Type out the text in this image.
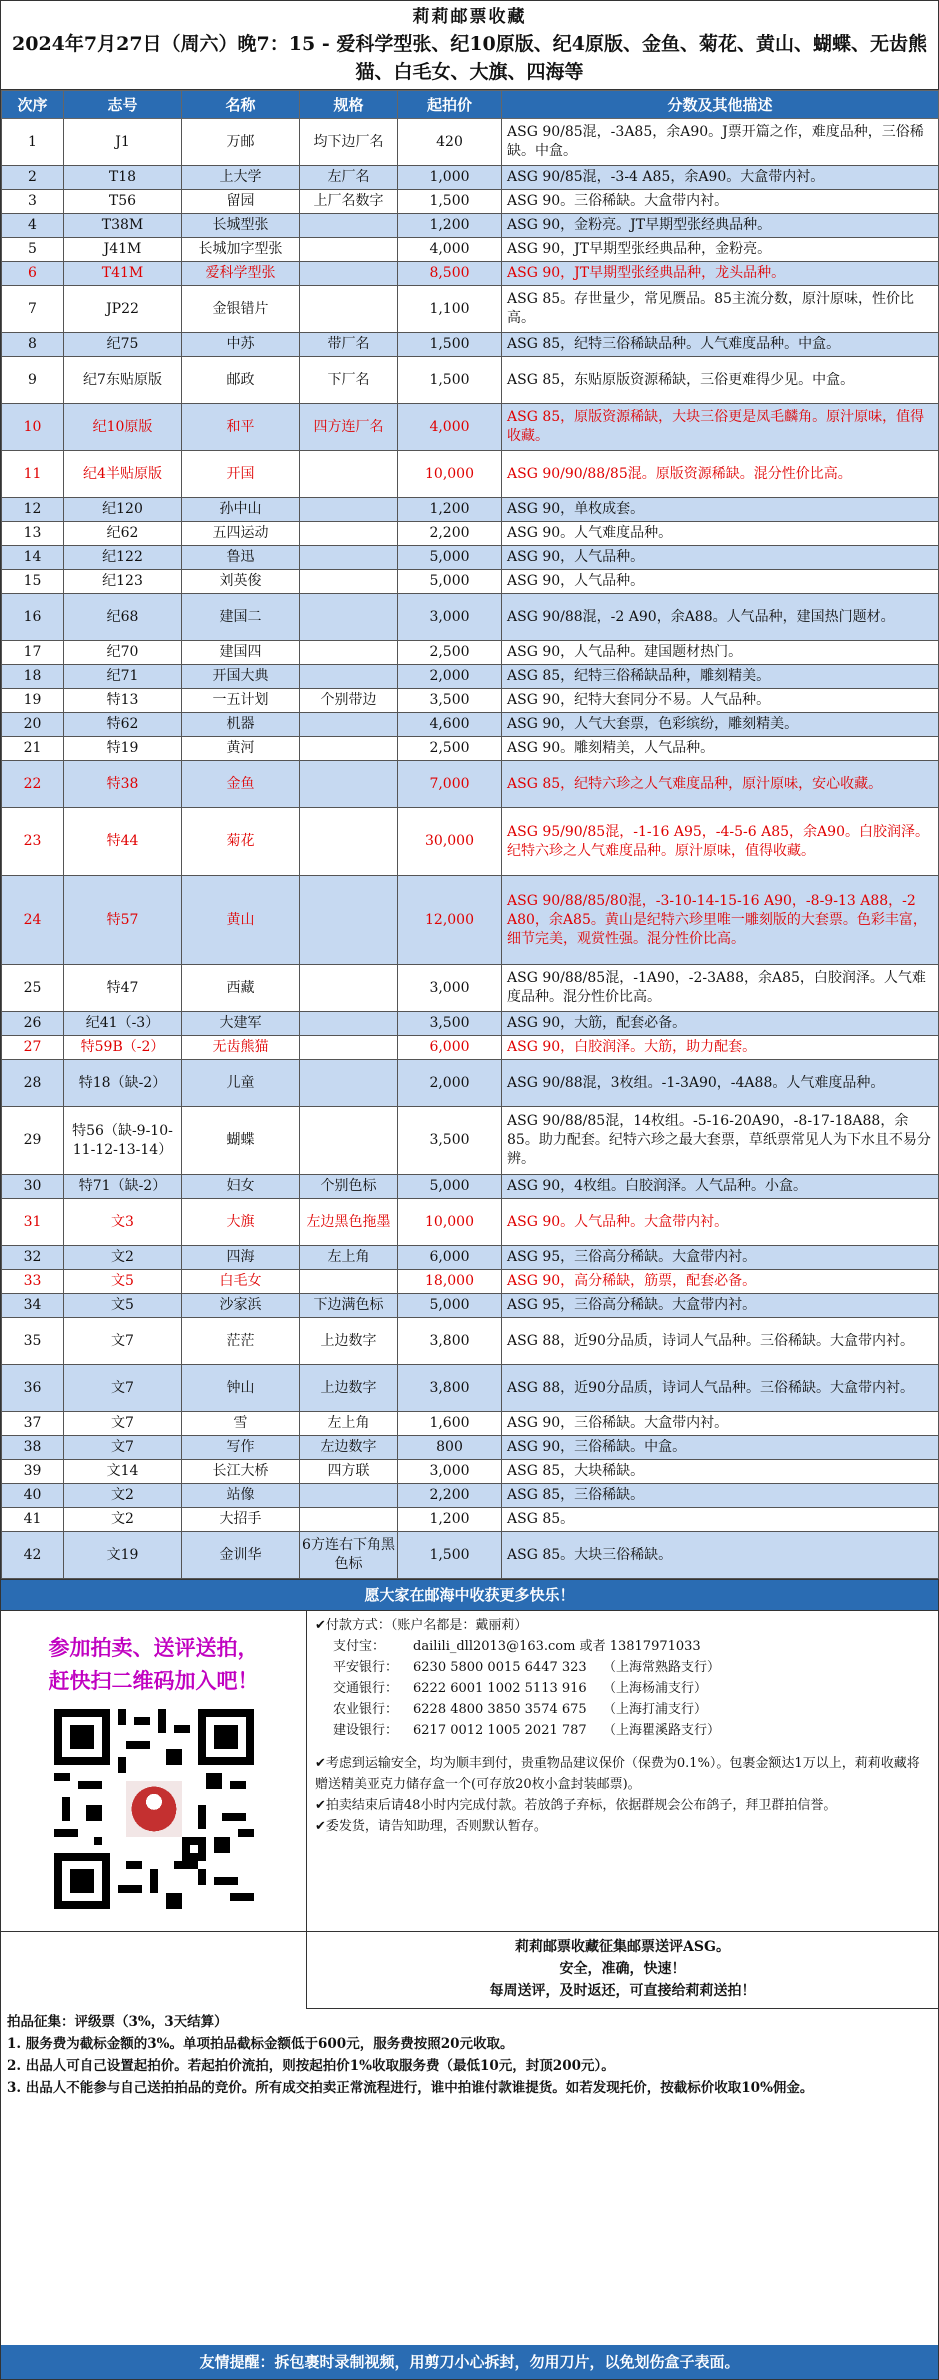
莉莉邮票收藏
2024年7月27日（周六）晚7：15 - 爱科学型张、纪10原版、纪4原版、金鱼、菊花、黄山、蝴蝶、无齿熊猫、白毛女、大旗、四海等
次序	志号	名称	规格	起拍价	分数及其他描述
1	J1	万邮	均下边厂名	420	ASG 90/85混，-3A85，余A90。J票开篇之作，难度品种，三俗稀缺。中盒。
2	T18	上大学	左厂名	1,000	ASG 90/85混，-3-4 A85，余A90。大盒带内衬。
3	T56	留园	上厂名数字	1,500	ASG 90。三俗稀缺。大盒带内衬。
4	T38M	长城型张		1,200	ASG 90，金粉亮。JT早期型张经典品种。
5	J41M	长城加字型张		4,000	ASG 90，JT早期型张经典品种，金粉亮。
6	T41M	爱科学型张		8,500	ASG 90，JT早期型张经典品种，龙头品种。
7	JP22	金银错片		1,100	ASG 85。存世量少，常见赝品。85主流分数，原汁原味，性价比高。
8	纪75	中苏	带厂名	1,500	ASG 85，纪特三俗稀缺品种。人气难度品种。中盒。
9	纪7东贴原版	邮政	下厂名	1,500	ASG 85，东贴原版资源稀缺，三俗更难得少见。中盒。
10	纪10原版	和平	四方连厂名	4,000	ASG 85，原版资源稀缺，大块三俗更是凤毛麟角。原汁原味，值得收藏。
11	纪4半贴原版	开国		10,000	ASG 90/90/88/85混。原版资源稀缺。混分性价比高。
12	纪120	孙中山		1,200	ASG 90，单枚成套。
13	纪62	五四运动		2,200	ASG 90。人气难度品种。
14	纪122	鲁迅		5,000	ASG 90，人气品种。
15	纪123	刘英俊		5,000	ASG 90，人气品种。
16	纪68	建国二		3,000	ASG 90/88混，-2 A90，余A88。人气品种，建国热门题材。
17	纪70	建国四		2,500	ASG 90，人气品种。建国题材热门。
18	纪71	开国大典		2,000	ASG 85，纪特三俗稀缺品种，雕刻精美。
19	特13	一五计划	个别带边	3,500	ASG 90，纪特大套同分不易。人气品种。
20	特62	机器		4,600	ASG 90，人气大套票，色彩缤纷，雕刻精美。
21	特19	黄河		2,500	ASG 90。雕刻精美，人气品种。
22	特38	金鱼		7,000	ASG 85，纪特六珍之人气难度品种，原汁原味，安心收藏。
23	特44	菊花		30,000	ASG 95/90/85混，-1-16 A95，-4-5-6 A85，余A90。白胶润泽。纪特六珍之人气难度品种。原汁原味，值得收藏。
24	特57	黄山		12,000	ASG 90/88/85/80混，-3-10-14-15-16 A90，-8-9-13 A88，-2 A80，余A85。黄山是纪特六珍里唯一雕刻版的大套票。色彩丰富，细节完美，观赏性强。混分性价比高。
25	特47	西藏		3,000	ASG 90/88/85混，-1A90，-2-3A88，余A85，白胶润泽。人气难度品种。混分性价比高。
26	纪41（-3）	大建军		3,500	ASG 90，大筋，配套必备。
27	特59B（-2）	无齿熊猫		6,000	ASG 90，白胶润泽。大筋，助力配套。
28	特18（缺-2）	儿童		2,000	ASG 90/88混，3枚组。-1-3A90，-4A88。人气难度品种。
29	特56（缺-9-10-11-12-13-14）	蝴蝶		3,500	ASG 90/88/85混，14枚组。-5-16-20A90，-8-17-18A88，余85。助力配套。纪特六珍之最大套票，草纸票常见人为下水且不易分辨。
30	特71（缺-2）	妇女	个别色标	5,000	ASG 90，4枚组。白胶润泽。人气品种。小盒。
31	文3	大旗	左边黑色拖墨	10,000	ASG 90。人气品种。大盒带内衬。
32	文2	四海	左上角	6,000	ASG 95，三俗高分稀缺。大盒带内衬。
33	文5	白毛女		18,000	ASG 90，高分稀缺，筋票，配套必备。
34	文5	沙家浜	下边满色标	5,000	ASG 95，三俗高分稀缺。大盒带内衬。
35	文7	茫茫	上边数字	3,800	ASG 88，近90分品质，诗词人气品种。三俗稀缺。大盒带内衬。
36	文7	钟山	上边数字	3,800	ASG 88，近90分品质，诗词人气品种。三俗稀缺。大盒带内衬。
37	文7	雪	左上角	1,600	ASG 90，三俗稀缺。大盒带内衬。
38	文7	写作	左边数字	800	ASG 90，三俗稀缺。中盒。
39	文14	长江大桥	四方联	3,000	ASG 85，大块稀缺。
40	文2	站像		2,200	ASG 85，三俗稀缺。
41	文2	大招手		1,200	ASG 85。
42	文19	金训华	6方连右下角黑色标	1,500	ASG 85。大块三俗稀缺。
愿大家在邮海中收获更多快乐！
参加拍卖、送评送拍，
赶快扫二维码加入吧！
✔付款方式：（账户名都是：戴丽莉）
支付宝：	dailili_dll2013@163.com 或者 13817971033
平安银行：	6230 5800 0015 6447 323	（上海常熟路支行）
交通银行：	6222 6001 1002 5113 916	（上海杨浦支行）
农业银行：	6228 4800 3850 3574 675	（上海打浦支行）
建设银行：	6217 0012 1005 2021 787	（上海瞿溪路支行）
✔考虑到运输安全，均为顺丰到付，贵重物品建议保价（保费为0.1%）。包裹金额达1万以上，莉莉收藏将赠送精美亚克力储存盒一个(可存放20枚小盒封装邮票)。
✔拍卖结束后请48小时内完成付款。若放鸽子弃标，依据群规会公布鸽子，拜卫群拍信誉。
✔委发货，请告知助理，否则默认暂存。
莉莉邮票收藏征集邮票送评ASG。
安全，准确，快速！
每周送评，及时返还，可直接给莉莉送拍！
拍品征集：评级票（3%，3天结算）
1. 服务费为截标金额的3%。单项拍品截标金额低于600元，服务费按照20元收取。
2. 出品人可自己设置起拍价。若起拍价流拍，则按起拍价1%收取服务费（最低10元，封顶200元）。
3. 出品人不能参与自己送拍拍品的竞价。所有成交拍卖正常流程进行，谁中拍谁付款谁提货。如若发现托价，按截标价收取10%佣金。
友情提醒：拆包裹时录制视频，用剪刀小心拆封，勿用刀片，以免划伤盒子表面。
